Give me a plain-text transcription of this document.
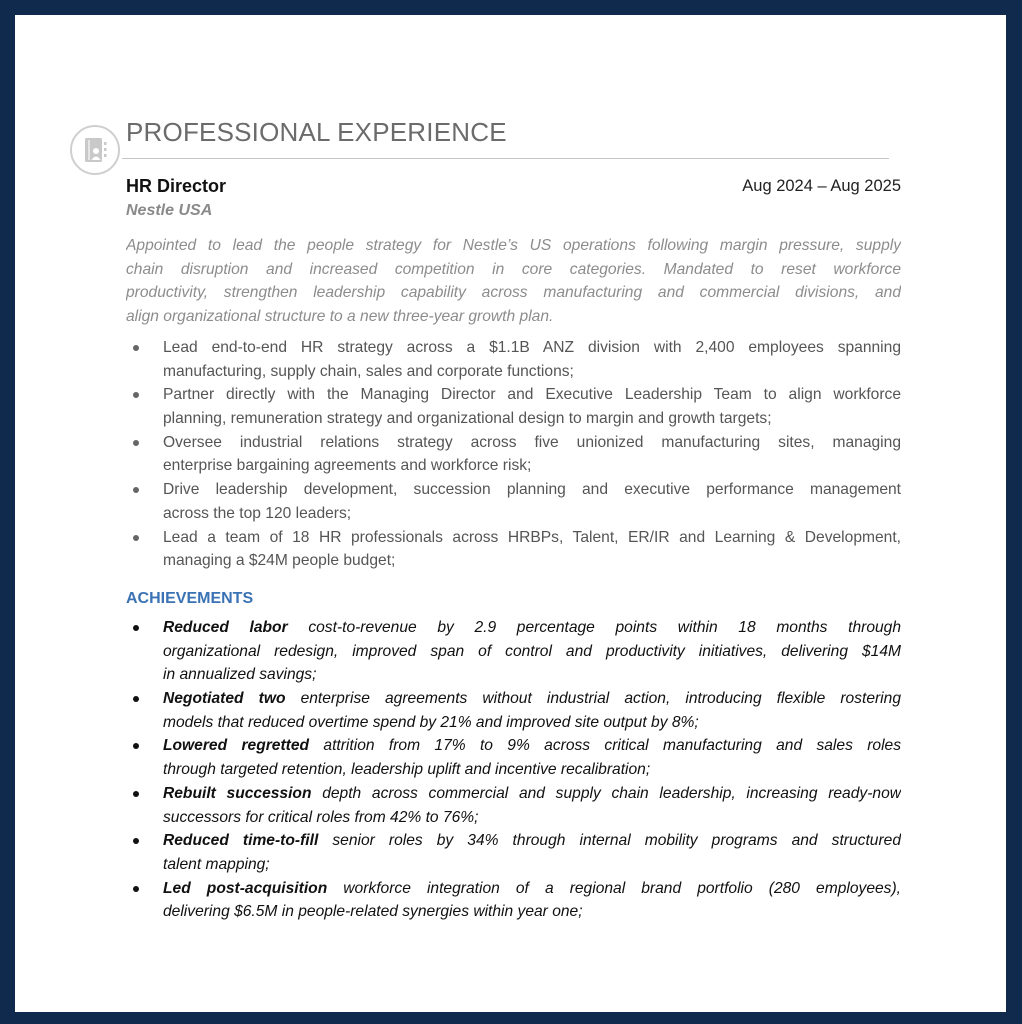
PROFESSIONAL EXPERIENCE
HR Director	Aug 2024 – Aug 2025
Nestle USA
Appointed to lead the people strategy for Nestle’s US operations following margin pressure, supply
chain disruption and increased competition in core categories. Mandated to reset workforce
productivity, strengthen leadership capability across manufacturing and commercial divisions, and
align organizational structure to a new three-year growth plan.
Lead end-to-end HR strategy across a $1.1B ANZ division with 2,400 employees spanning
manufacturing, supply chain, sales and corporate functions;
Partner directly with the Managing Director and Executive Leadership Team to align workforce
planning, remuneration strategy and organizational design to margin and growth targets;
Oversee industrial relations strategy across five unionized manufacturing sites, managing
enterprise bargaining agreements and workforce risk;
Drive leadership development, succession planning and executive performance management
across the top 120 leaders;
Lead a team of 18 HR professionals across HRBPs, Talent, ER/IR and Learning & Development,
managing a $24M people budget;
ACHIEVEMENTS
Reduced labor cost-to-revenue by 2.9 percentage points within 18 months through
organizational redesign, improved span of control and productivity initiatives, delivering $14M
in annualized savings;
Negotiated two enterprise agreements without industrial action, introducing flexible rostering
models that reduced overtime spend by 21% and improved site output by 8%;
Lowered regretted attrition from 17% to 9% across critical manufacturing and sales roles
through targeted retention, leadership uplift and incentive recalibration;
Rebuilt succession depth across commercial and supply chain leadership, increasing ready-now
successors for critical roles from 42% to 76%;
Reduced time-to-fill senior roles by 34% through internal mobility programs and structured
talent mapping;
Led post-acquisition workforce integration of a regional brand portfolio (280 employees),
delivering $6.5M in people-related synergies within year one;
